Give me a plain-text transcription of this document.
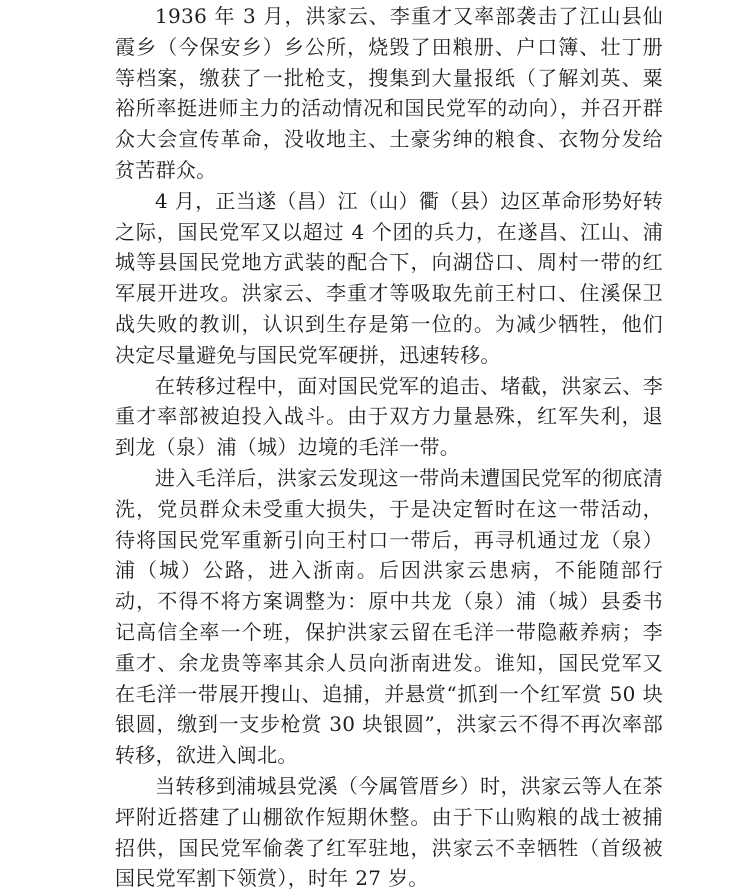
1936 年 3 月，洪家云、李重才又率部袭击了江山县仙霞乡（今保安乡）乡公所，烧毁了田粮册、户口簿、壮丁册等档案，缴获了一批枪支，搜集到大量报纸（了解刘英、粟裕所率挺进师主力的活动情况和国民党军的动向），并召开群众大会宣传革命，没收地主、土豪劣绅的粮食、衣物分发给贫苦群众。

4 月，正当遂（昌）江（山）衢（县）边区革命形势好转之际，国民党军又以超过 4 个团的兵力，在遂昌、江山、浦城等县国民党地方武装的配合下，向湖岱口、周村一带的红军展开进攻。洪家云、李重才等吸取先前王村口、住溪保卫战失败的教训，认识到生存是第一位的。为减少牺牲，他们决定尽量避免与国民党军硬拼，迅速转移。

在转移过程中，面对国民党军的追击、堵截，洪家云、李重才率部被迫投入战斗。由于双方力量悬殊，红军失利，退到龙（泉）浦（城）边境的毛洋一带。

进入毛洋后，洪家云发现这一带尚未遭国民党军的彻底清洗，党员群众未受重大损失，于是决定暂时在这一带活动，待将国民党军重新引向王村口一带后，再寻机通过龙（泉）浦（城）公路，进入浙南。后因洪家云患病，不能随部行动，不得不将方案调整为：原中共龙（泉）浦（城）县委书记高信全率一个班，保护洪家云留在毛洋一带隐蔽养病；李重才、余龙贵等率其余人员向浙南进发。谁知，国民党军又在毛洋一带展开搜山、追捕，并悬赏“抓到一个红军赏 50 块银圆，缴到一支步枪赏 30 块银圆”，洪家云不得不再次率部转移，欲进入闽北。

当转移到浦城县党溪（今属管厝乡）时，洪家云等人在茶坪附近搭建了山棚欲作短期休整。由于下山购粮的战士被捕招供，国民党军偷袭了红军驻地，洪家云不幸牺牲（首级被国民党军割下领赏），时年 27 岁。
